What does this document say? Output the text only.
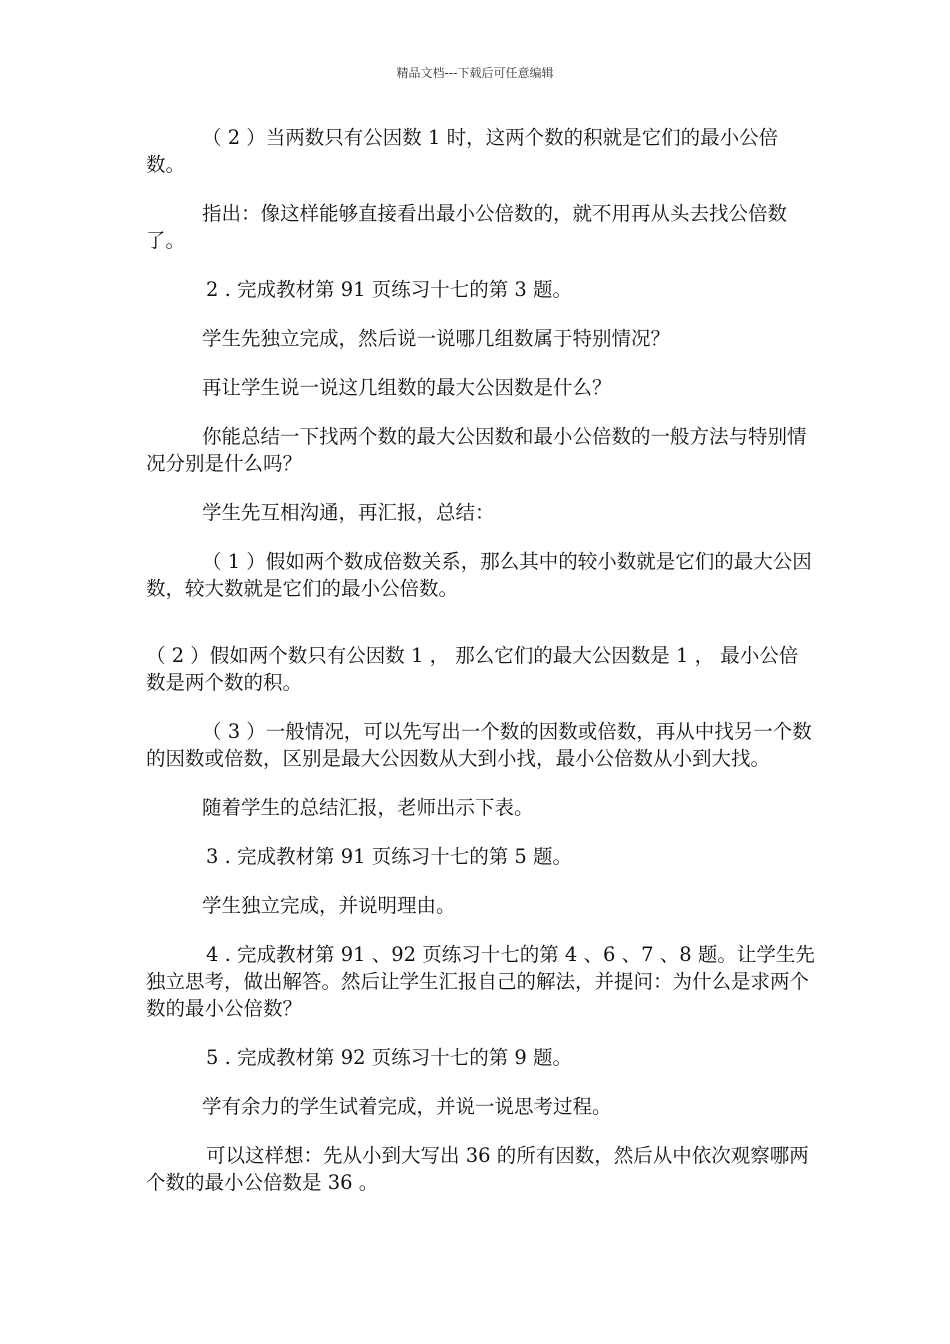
精品文档---下载后可任意编辑

（ 2 ）当两数只有公因数 1 时，这两个数的积就是它们的最小公倍数。

指出：像这样能够直接看出最小公倍数的，就不用再从头去找公倍数了。

2 . 完成教材第 91 页练习十七的第 3 题。

学生先独立完成，然后说一说哪几组数属于特别情况？

再让学生说一说这几组数的最大公因数是什么？

你能总结一下找两个数的最大公因数和最小公倍数的一般方法与特别情况分别是什么吗？

学生先互相沟通，再汇报，总结：

（ 1 ）假如两个数成倍数关系，那么其中的较小数就是它们的最大公因数，较大数就是它们的最小公倍数。

（ 2 ）假如两个数只有公因数 1 ， 那么它们的最大公因数是 1 ， 最小公倍数是两个数的积。

（ 3 ）一般情况，可以先写出一个数的因数或倍数，再从中找另一个数的因数或倍数，区别是最大公因数从大到小找，最小公倍数从小到大找。

随着学生的总结汇报，老师出示下表。

3 . 完成教材第 91 页练习十七的第 5 题。

学生独立完成，并说明理由。

4 . 完成教材第 91 、92 页练习十七的第 4 、6 、7 、8 题。让学生先独立思考，做出解答。然后让学生汇报自己的解法，并提问：为什么是求两个数的最小公倍数？

5 . 完成教材第 92 页练习十七的第 9 题。

学有余力的学生试着完成，并说一说思考过程。

可以这样想：先从小到大写出 36 的所有因数，然后从中依次观察哪两个数的最小公倍数是 36 。
